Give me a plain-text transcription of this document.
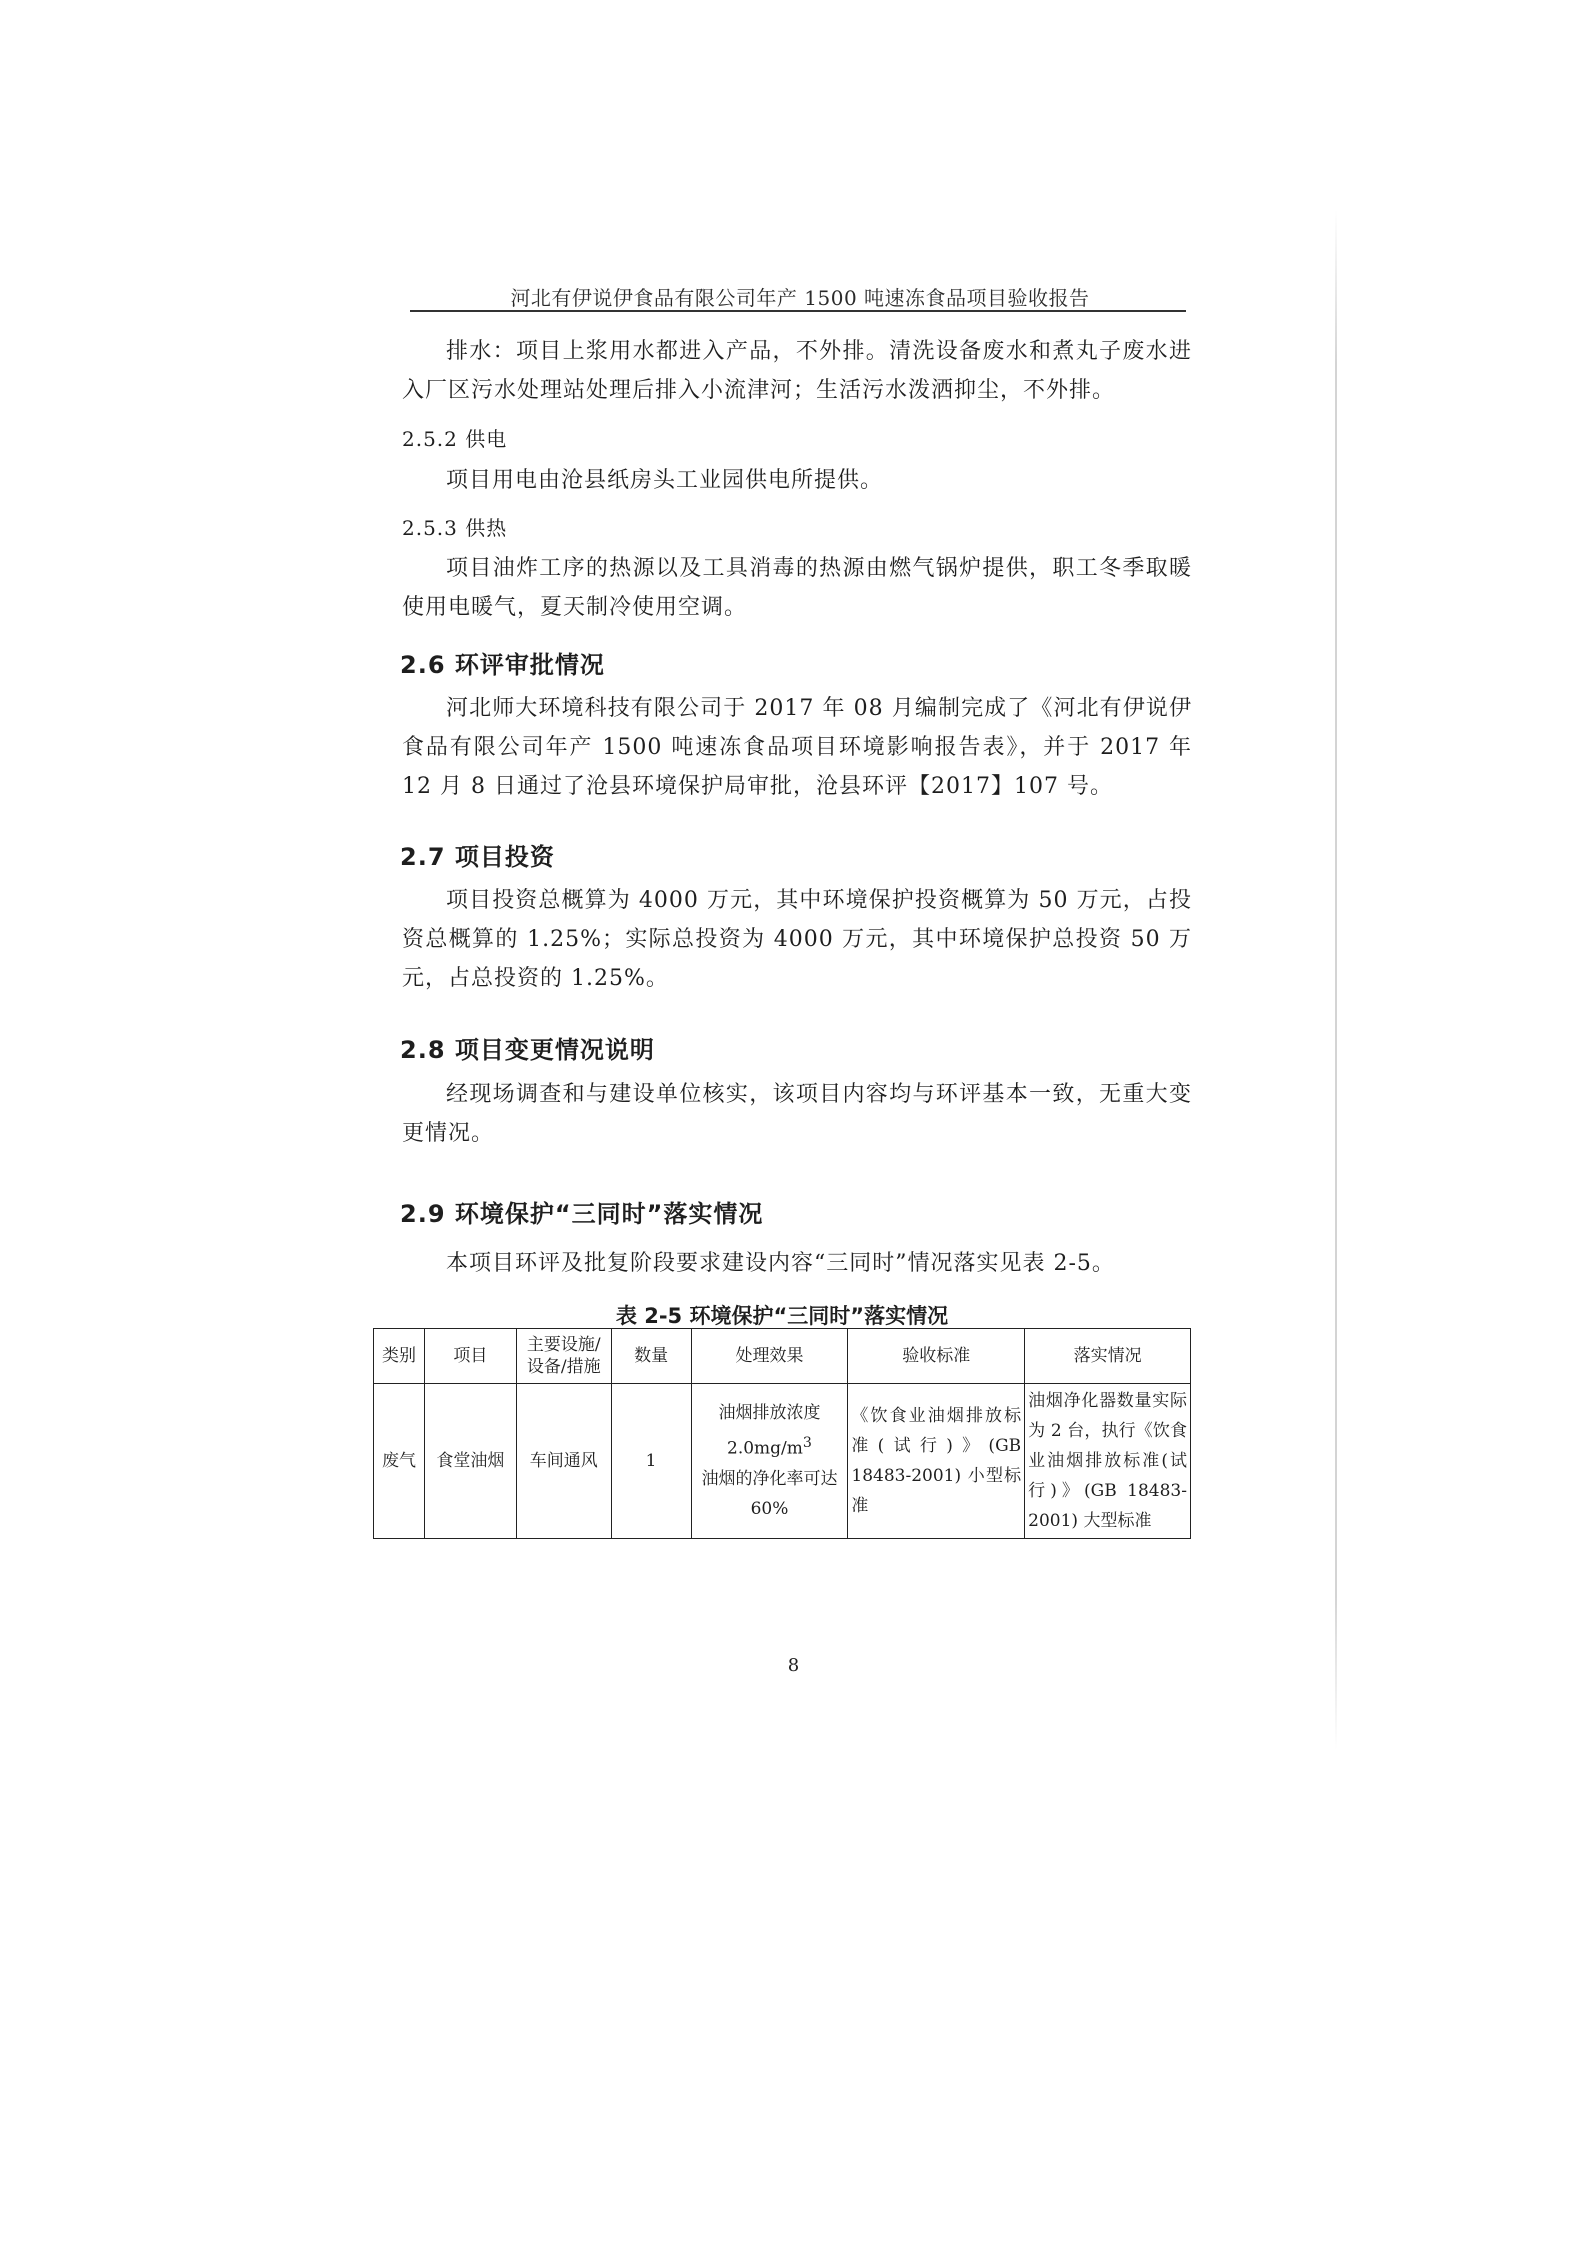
河北有伊说伊食品有限公司年产 1500 吨速冻食品项目验收报告
排水：项目上浆用水都进入产品，不外排。清洗设备废水和煮丸子废水进入厂区污水处理站处理后排入小流津河；生活污水泼洒抑尘，不外排。
2.5.2 供电
项目用电由沧县纸房头工业园供电所提供。
2.5.3 供热
项目油炸工序的热源以及工具消毒的热源由燃气锅炉提供，职工冬季取暖使用电暖气，夏天制冷使用空调。
2.6 环评审批情况
河北师大环境科技有限公司于 2017 年 08 月编制完成了《河北有伊说伊食品有限公司年产 1500 吨速冻食品项目环境影响报告表》，并于 2017 年 12 月 8 日通过了沧县环境保护局审批，沧县环评【2017】107 号。
2.7 项目投资
项目投资总概算为 4000 万元，其中环境保护投资概算为 50 万元，占投资总概算的 1.25%；实际总投资为 4000 万元，其中环境保护总投资 50 万元，占总投资的 1.25%。
2.8 项目变更情况说明
经现场调查和与建设单位核实，该项目内容均与环评基本一致，无重大变更情况。
2.9 环境保护“三同时”落实情况
本项目环评及批复阶段要求建设内容“三同时”情况落实见表 2-5。
表 2-5 环境保护“三同时”落实情况
类别	项目	主要设施/设备/措施	数量	处理效果	验收标准	落实情况
废气	食堂油烟	车间通风	1	油烟排放浓度
$2.0mg/m^3$
油烟的净化率可达 60%	《饮食业油烟排放标准(试行)》(GB 18483-2001) 小型标准	油烟净化器数量实际为 2 台，执行《饮食业油烟排放标准(试行)》(GB 18483-2001) 大型标准
8
